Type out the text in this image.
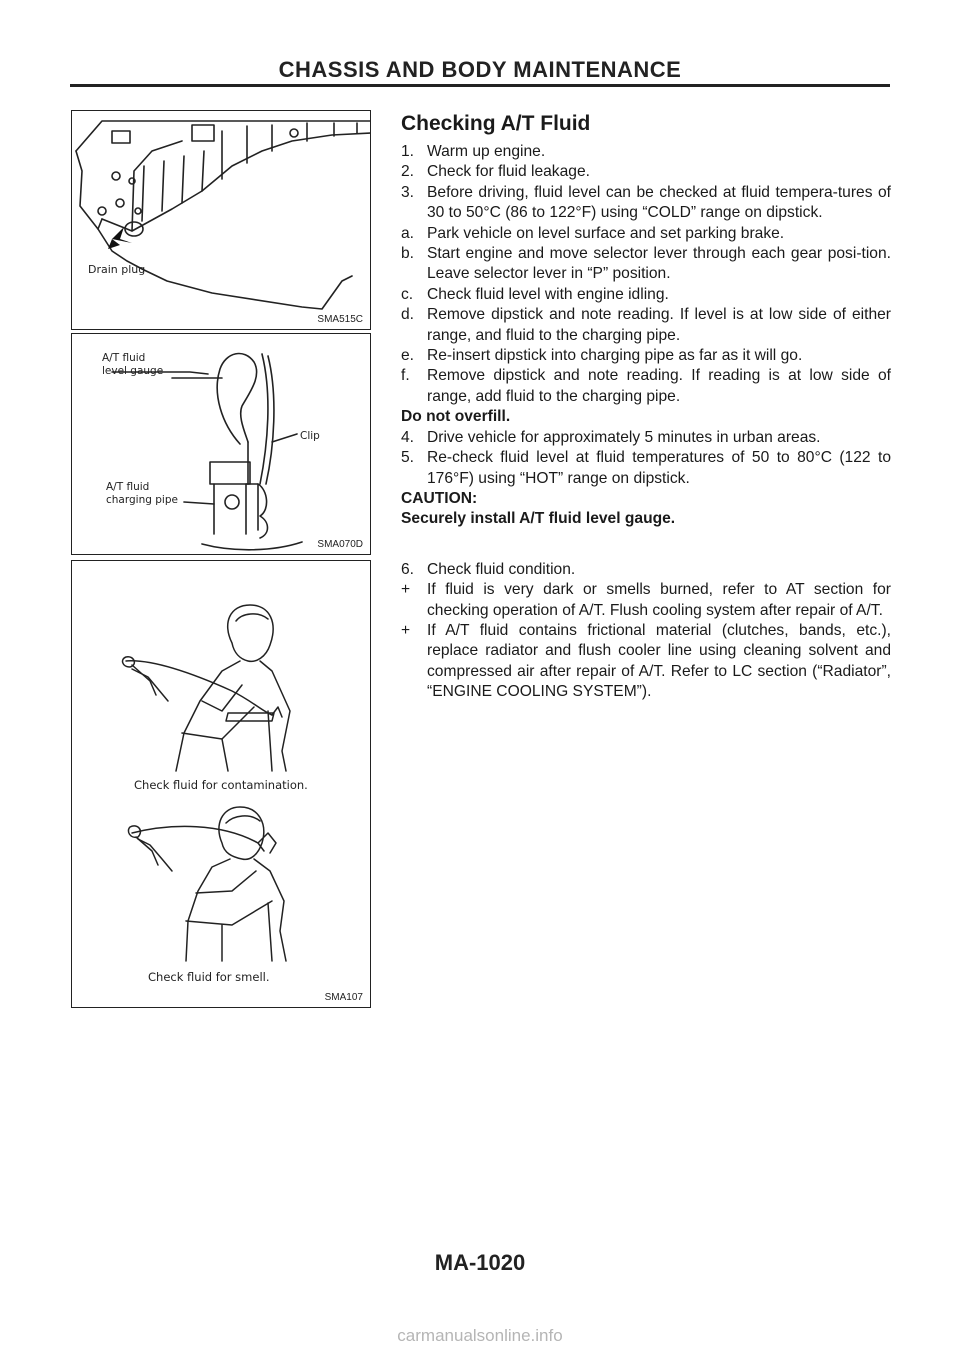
CHASSIS AND BODY MAINTENANCE
Drain plug
SMA515C
A/T fluid
level gauge
Clip
A/T fluid
charging pipe
SMA070D
Check fluid for contamination.
Check fluid for smell.
SMA107
Checking A/T Fluid
1. Warm up engine.
2. Check for fluid leakage.
3. Before driving, fluid level can be checked at fluid tempera-tures of 30 to 50°C (86 to 122°F) using “COLD” range on dipstick.
a. Park vehicle on level surface and set parking brake.
b. Start engine and move selector lever through each gear posi-tion. Leave selector lever in “P” position.
c. Check fluid level with engine idling.
d. Remove dipstick and note reading. If level is at low side of either range, and fluid to the charging pipe.
e. Re-insert dipstick into charging pipe as far as it will go.
f. Remove dipstick and note reading. If reading is at low side of range, add fluid to the charging pipe.
Do not overfill.
4. Drive vehicle for approximately 5 minutes in urban areas.
5. Re-check fluid level at fluid temperatures of 50 to 80°C (122 to 176°F) using “HOT” range on dipstick.
CAUTION:
Securely install A/T fluid level gauge.
6. Check fluid condition.
+ If fluid is very dark or smells burned, refer to AT section for checking operation of A/T. Flush cooling system after repair of A/T.
+ If A/T fluid contains frictional material (clutches, bands, etc.), replace radiator and flush cooler line using cleaning solvent and compressed air after repair of A/T. Refer to LC section (“Radiator”, “ENGINE COOLING SYSTEM”).
MA-1020
carmanualsonline.info
